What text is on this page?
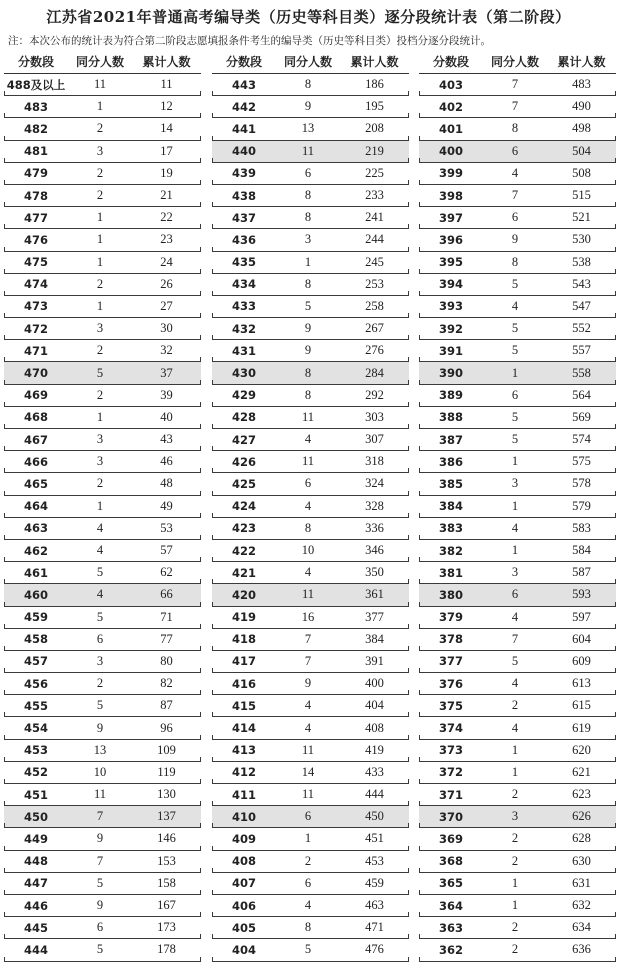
江苏省2021年普通高考编导类（历史等科目类）逐分段统计表（第二阶段）
注：本次公布的统计表为符合第二阶段志愿填报条件考生的编导类（历史等科目类）投档分逐分段统计。
分数段	同分人数	累计人数
488及以上	11	11
483	1	12
482	2	14
481	3	17
479	2	19
478	2	21
477	1	22
476	1	23
475	1	24
474	2	26
473	1	27
472	3	30
471	2	32
470	5	37
469	2	39
468	1	40
467	3	43
466	3	46
465	2	48
464	1	49
463	4	53
462	4	57
461	5	62
460	4	66
459	5	71
458	6	77
457	3	80
456	2	82
455	5	87
454	9	96
453	13	109
452	10	119
451	11	130
450	7	137
449	9	146
448	7	153
447	5	158
446	9	167
445	6	173
444	5	178
分数段	同分人数	累计人数
443	8	186
442	9	195
441	13	208
440	11	219
439	6	225
438	8	233
437	8	241
436	3	244
435	1	245
434	8	253
433	5	258
432	9	267
431	9	276
430	8	284
429	8	292
428	11	303
427	4	307
426	11	318
425	6	324
424	4	328
423	8	336
422	10	346
421	4	350
420	11	361
419	16	377
418	7	384
417	7	391
416	9	400
415	4	404
414	4	408
413	11	419
412	14	433
411	11	444
410	6	450
409	1	451
408	2	453
407	6	459
406	4	463
405	8	471
404	5	476
分数段	同分人数	累计人数
403	7	483
402	7	490
401	8	498
400	6	504
399	4	508
398	7	515
397	6	521
396	9	530
395	8	538
394	5	543
393	4	547
392	5	552
391	5	557
390	1	558
389	6	564
388	5	569
387	5	574
386	1	575
385	3	578
384	1	579
383	4	583
382	1	584
381	3	587
380	6	593
379	4	597
378	7	604
377	5	609
376	4	613
375	2	615
374	4	619
373	1	620
372	1	621
371	2	623
370	3	626
369	2	628
368	2	630
365	1	631
364	1	632
363	2	634
362	2	636
